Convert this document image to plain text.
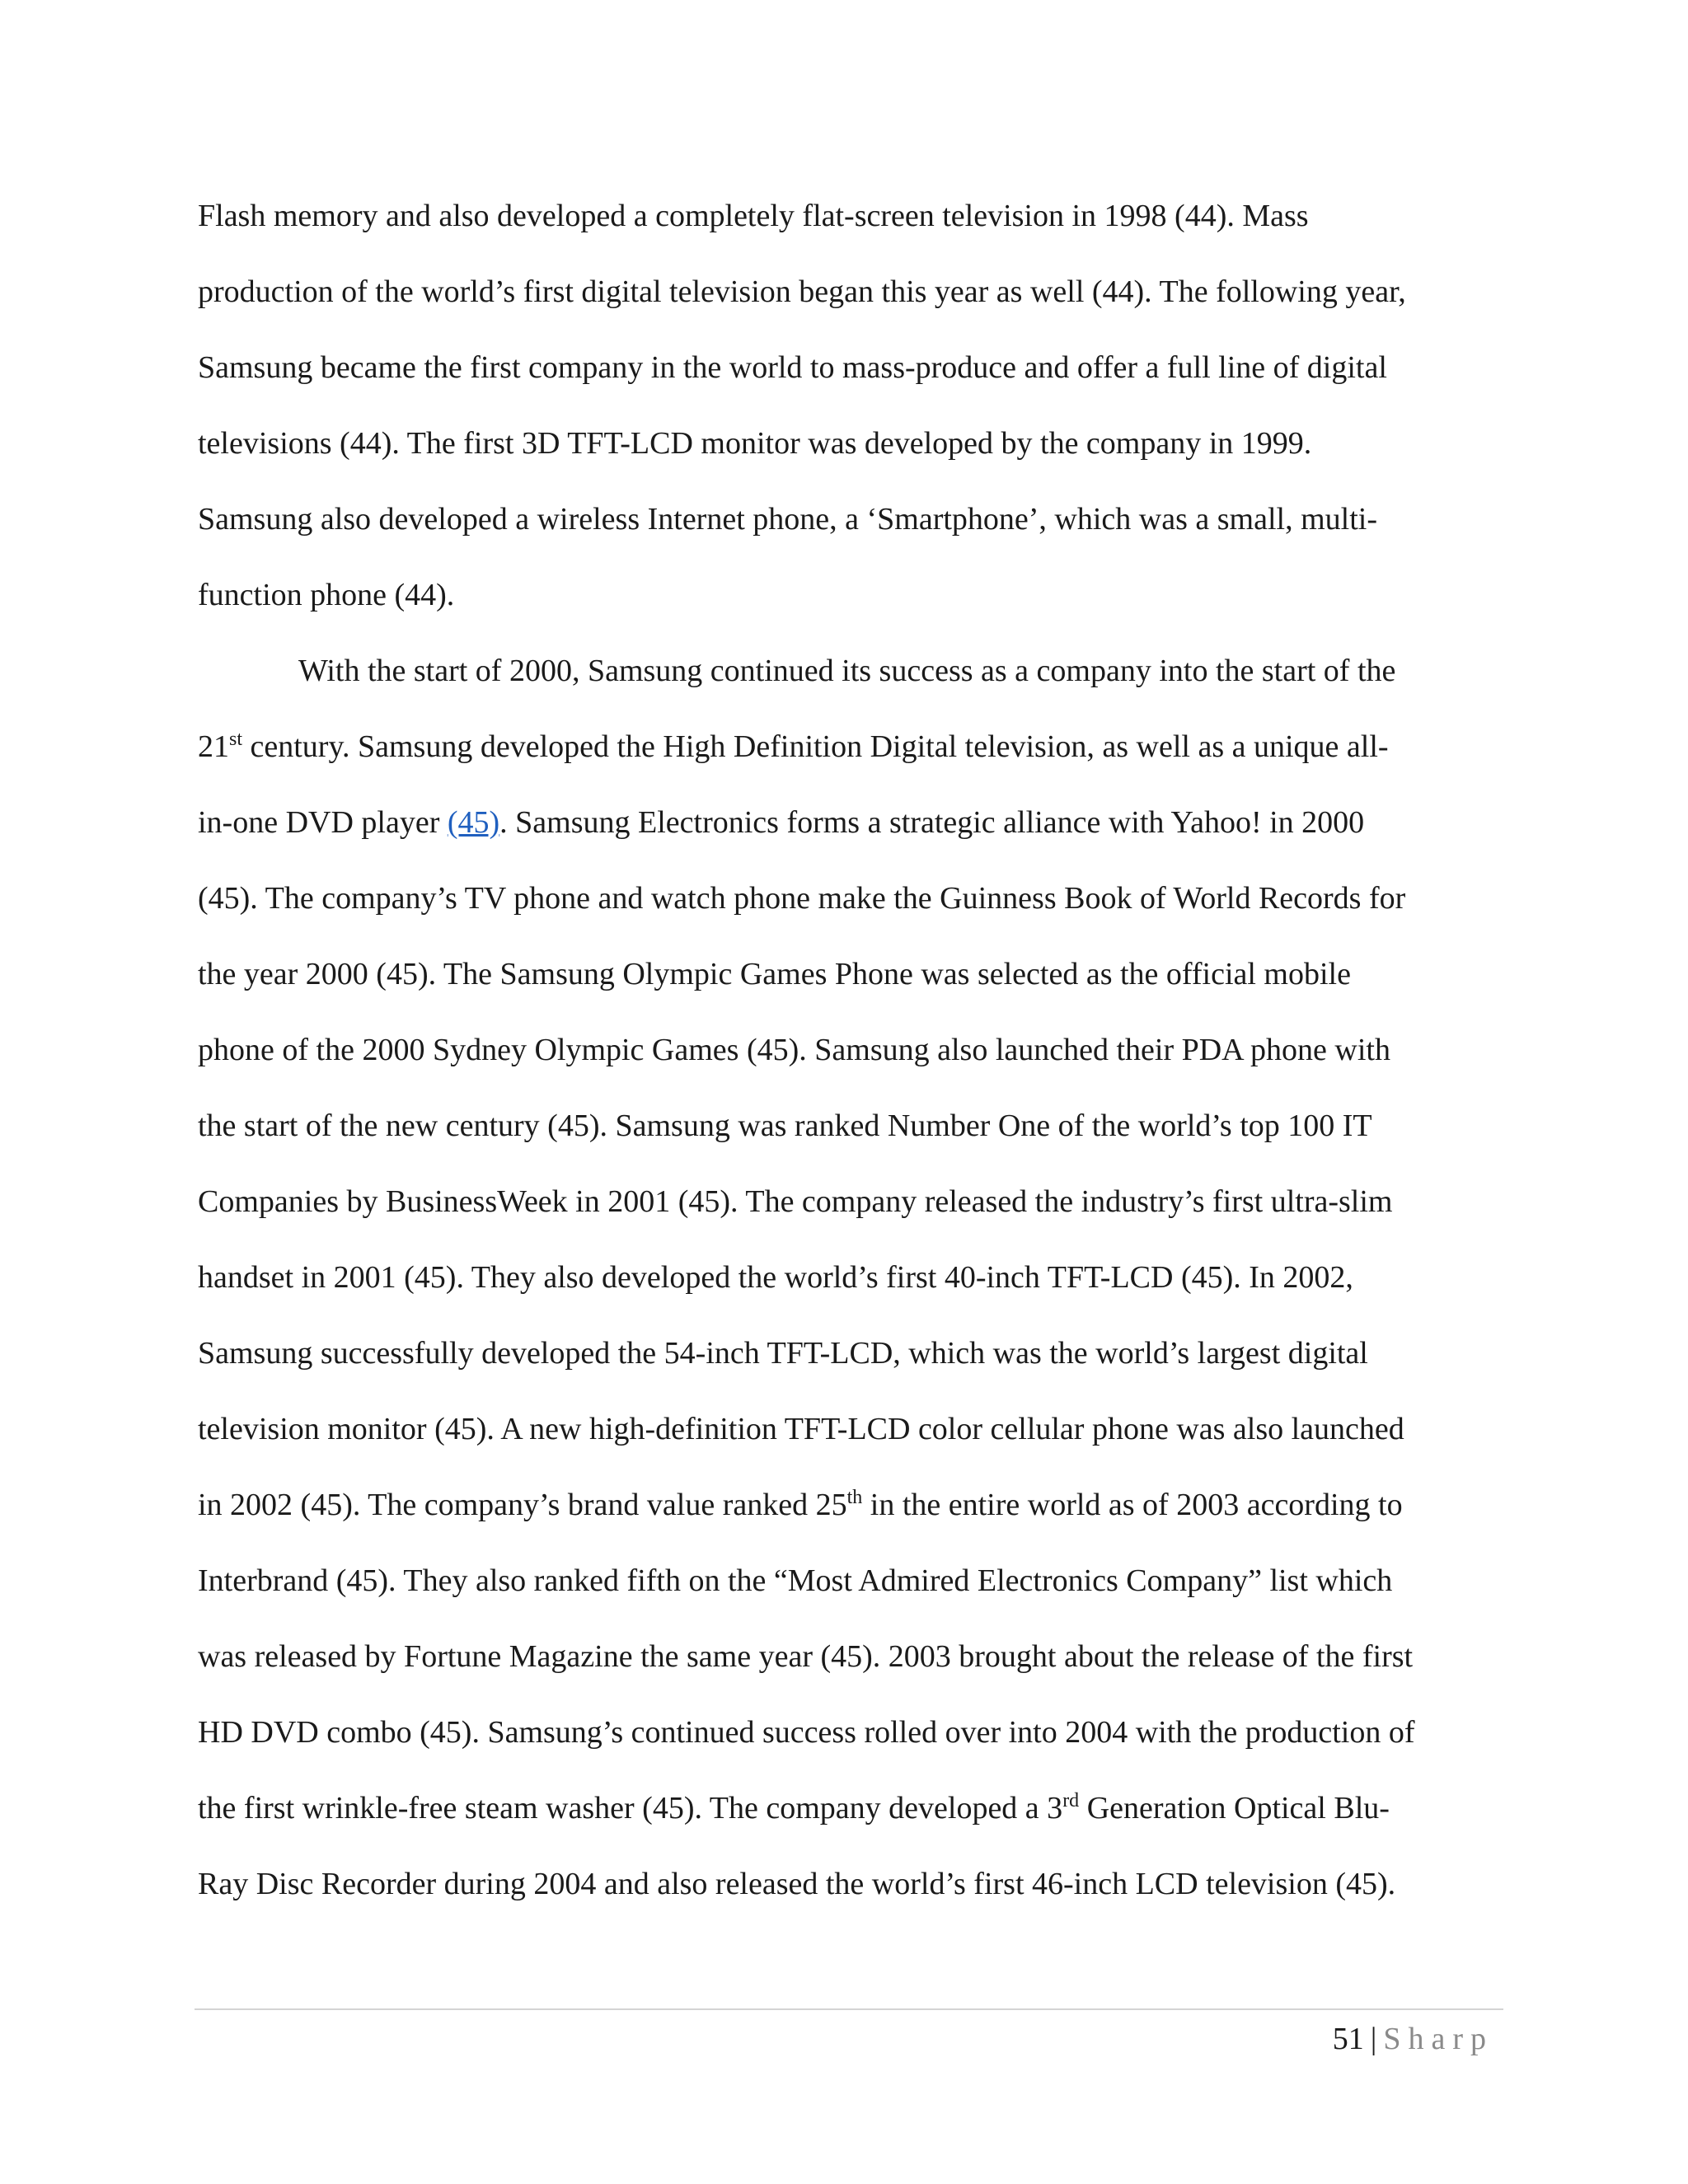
Flash memory and also developed a completely flat-screen television in 1998 (44). Mass
production of the world’s first digital television began this year as well (44). The following year,
Samsung became the first company in the world to mass-produce and offer a full line of digital
televisions (44). The first 3D TFT-LCD monitor was developed by the company in 1999.
Samsung also developed a wireless Internet phone, a ‘Smartphone’, which was a small, multi-
function phone (44).
With the start of 2000, Samsung continued its success as a company into the start of the
21st century. Samsung developed the High Definition Digital television, as well as a unique all-
in-one DVD player (45). Samsung Electronics forms a strategic alliance with Yahoo! in 2000
(45). The company’s TV phone and watch phone make the Guinness Book of World Records for
the year 2000 (45). The Samsung Olympic Games Phone was selected as the official mobile
phone of the 2000 Sydney Olympic Games (45). Samsung also launched their PDA phone with
the start of the new century (45). Samsung was ranked Number One of the world’s top 100 IT
Companies by BusinessWeek in 2001 (45). The company released the industry’s first ultra-slim
handset in 2001 (45). They also developed the world’s first 40-inch TFT-LCD (45). In 2002,
Samsung successfully developed the 54-inch TFT-LCD, which was the world’s largest digital
television monitor (45). A new high-definition TFT-LCD color cellular phone was also launched
in 2002 (45). The company’s brand value ranked 25th in the entire world as of 2003 according to
Interbrand (45). They also ranked fifth on the “Most Admired Electronics Company” list which
was released by Fortune Magazine the same year (45). 2003 brought about the release of the first
HD DVD combo (45). Samsung’s continued success rolled over into 2004 with the production of
the first wrinkle-free steam washer (45). The company developed a 3rd Generation Optical Blu-
Ray Disc Recorder during 2004 and also released the world’s first 46-inch LCD television (45).
51 | Sharp
